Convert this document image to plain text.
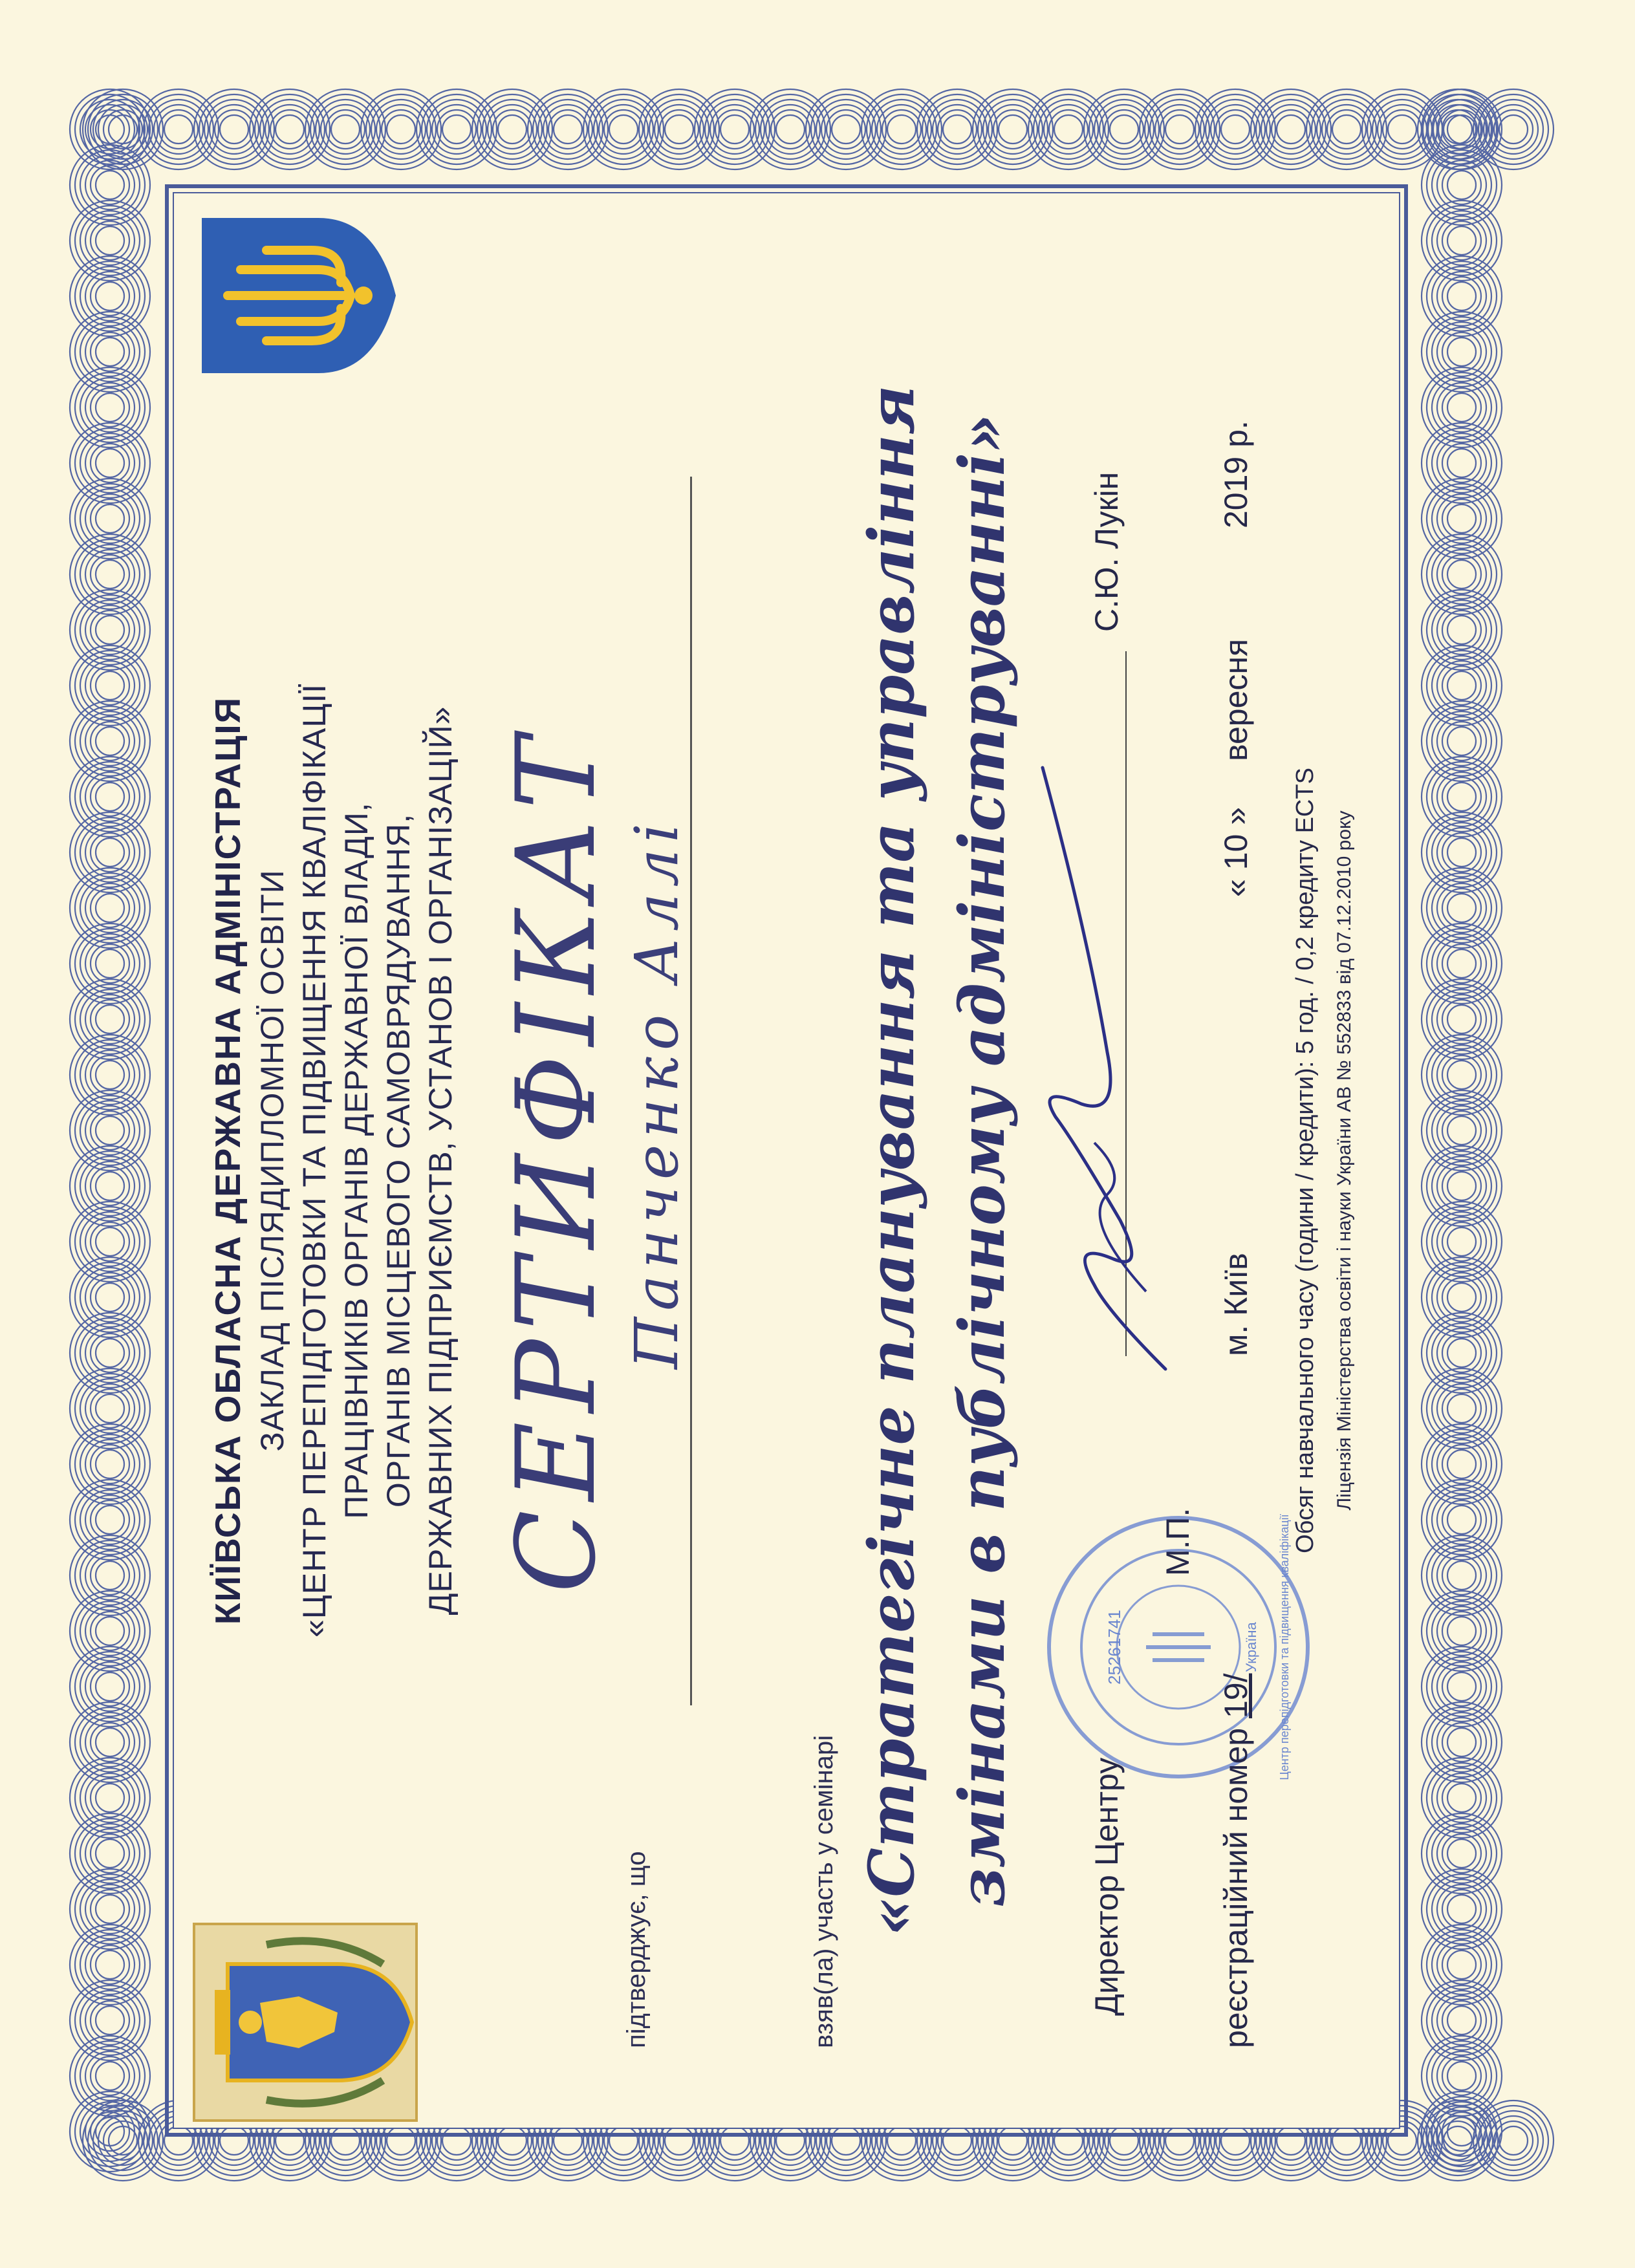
КИЇВСЬКА ОБЛАСНА ДЕРЖАВНА АДМІНІСТРАЦІЯ ЗАКЛАД ПІСЛЯДИПЛОМНОЇ ОСВІТИ «ЦЕНТР ПЕРЕПІДГОТОВКИ ТА ПІДВИЩЕННЯ КВАЛІФІКАЦІЇ ПРАЦІВНИКІВ ОРГАНІВ ДЕРЖАВНОЇ ВЛАДИ, ОРГАНІВ МІСЦЕВОГО САМОВРЯДУВАННЯ, ДЕРЖАВНИХ ПІДПРИЄМСТВ, УСТАНОВ І ОРГАНІЗАЦІЙ» СЕРТИФІКАТ
підтверджує, що
Панченко Аллі
взяв(ла) участь у семінарі «Стратегічне планування та управління змінами в публічному адмініструванні» Директор Центру
С.Ю. Лукін
25261741	Україна Центр перепідготовки та підвищення кваліфікації
М.П.
реєстраційний номер
19/
м. Київ
« 10 »
вересня
2019 р.
Обсяг навчального часу (години / кредити): 5 год. / 0,2 кредиту ECTS Ліцензія Міністерства освіти і науки України АВ № 552833 від 07.12.2010 року
